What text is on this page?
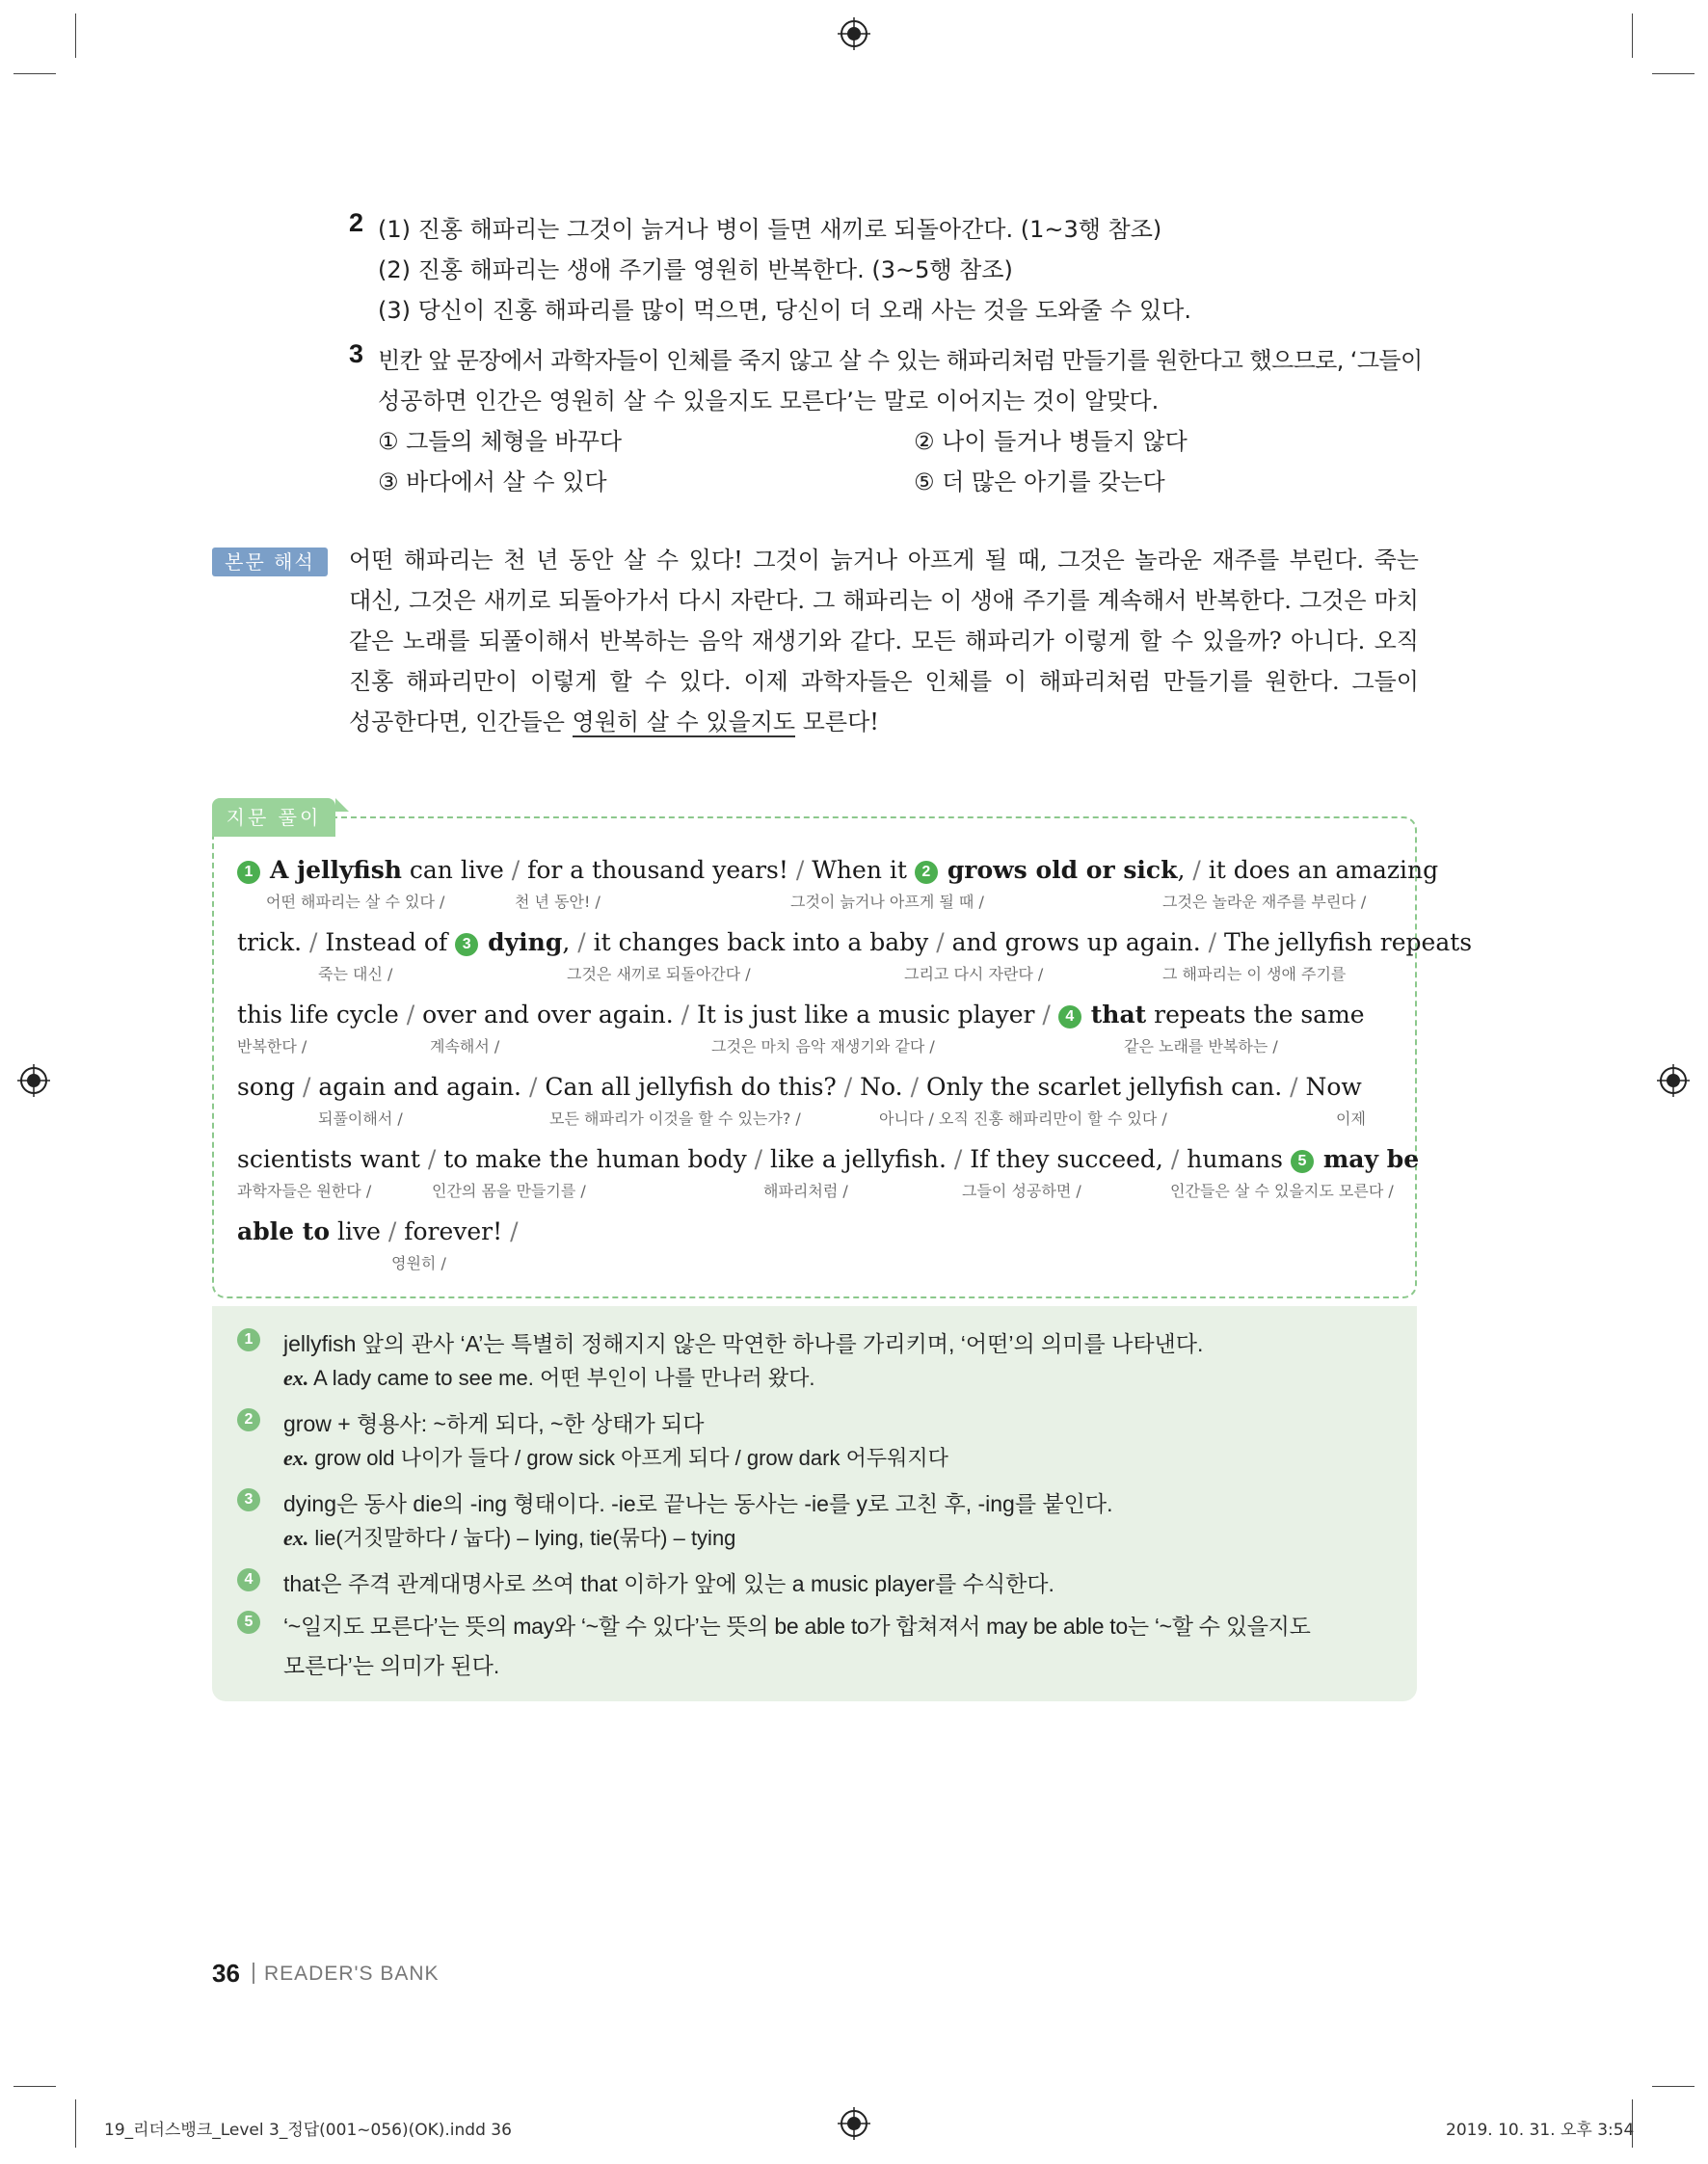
2 (1) 진홍 해파리는 그것이 늙거나 병이 들면 새끼로 되돌아간다. (1~3행 참조)
(2) 진홍 해파리는 생애 주기를 영원히 반복한다. (3~5행 참조)
(3) 당신이 진홍 해파리를 많이 먹으면, 당신이 더 오래 사는 것을 도와줄 수 있다.
3 빈칸 앞 문장에서 과학자들이 인체를 죽지 않고 살 수 있는 해파리처럼 만들기를 원한다고 했으므로, ‘그들이
성공하면 인간은 영원히 살 수 있을지도 모른다’는 말로 이어지는 것이 알맞다.
① 그들의 체형을 바꾸다	② 나이 들거나 병들지 않다
③ 바다에서 살 수 있다	⑤ 더 많은 아기를 갖는다
본문 해석	어떤 해파리는 천 년 동안 살 수 있다! 그것이 늙거나 아프게 될 때, 그것은 놀라운 재주를 부린다. 죽는
대신, 그것은 새끼로 되돌아가서 다시 자란다. 그 해파리는 이 생애 주기를 계속해서 반복한다. 그것은 마치
같은 노래를 되풀이해서 반복하는 음악 재생기와 같다. 모든 해파리가 이렇게 할 수 있을까? 아니다. 오직
진홍 해파리만이 이렇게 할 수 있다. 이제 과학자들은 인체를 이 해파리처럼 만들기를 원한다. 그들이
성공한다면, 인간들은 영원히 살 수 있을지도 모른다!
지문 풀이
1 A jellyfish can live / for a thousand years! / When it 2 grows old or sick, / it does an amazing
trick. / Instead of 3 dying, / it changes back into a baby / and grows up again. / The jellyfish repeats
this life cycle / over and over again. / It is just like a music player / 4 that repeats the same
song / again and again. / Can all jellyfish do this? / No. / Only the scarlet jellyfish can. / Now
scientists want / to make the human body / like a jellyfish. / If they succeed, / humans 5 may be
able to live / forever! /
어떤 해파리는 살 수 있다 /	천 년 동안! /	그것이 늙거나 아프게 될 때 /	그것은 놀라운 재주를 부린다 /
죽는 대신 /	그것은 새끼로 되돌아간다 /	그리고 다시 자란다 /	그 해파리는 이 생애 주기를
반복한다 /	계속해서 /	그것은 마치 음악 재생기와 같다 /	같은 노래를 반복하는 /
되풀이해서 /	모든 해파리가 이것을 할 수 있는가? /	아니다 / 오직 진홍 해파리만이 할 수 있다 /	이제
과학자들은 원한다 /	인간의 몸을 만들기를 /	해파리처럼 /	그들이 성공하면 /	인간들은 살 수 있을지도 모른다 /
영원히 /
1	jellyfish 앞의 관사 ‘A’는 특별히 정해지지 않은 막연한 하나를 가리키며, ‘어떤’의 의미를 나타낸다.
ex. A lady came to see me. 어떤 부인이 나를 만나러 왔다.
2	grow + 형용사: ~하게 되다, ~한 상태가 되다
ex. grow old 나이가 들다 / grow sick 아프게 되다 / grow dark 어두워지다
3	dying은 동사 die의 -ing 형태이다. -ie로 끝나는 동사는 -ie를 y로 고친 후, -ing를 붙인다.
ex. lie(거짓말하다 / 눕다) – lying, tie(묶다) – tying
4	that은 주격 관계대명사로 쓰여 that 이하가 앞에 있는 a music player를 수식한다.
5	‘~일지도 모른다’는 뜻의 may와 ‘~할 수 있다’는 뜻의 be able to가 합쳐져서 may be able to는 ‘~할 수 있을지도
모른다’는 의미가 된다.
36 READER'S BANK
19_리더스뱅크_Level 3_정답(001~056)(OK).indd 36	2019. 10. 31. 오후 3:54
